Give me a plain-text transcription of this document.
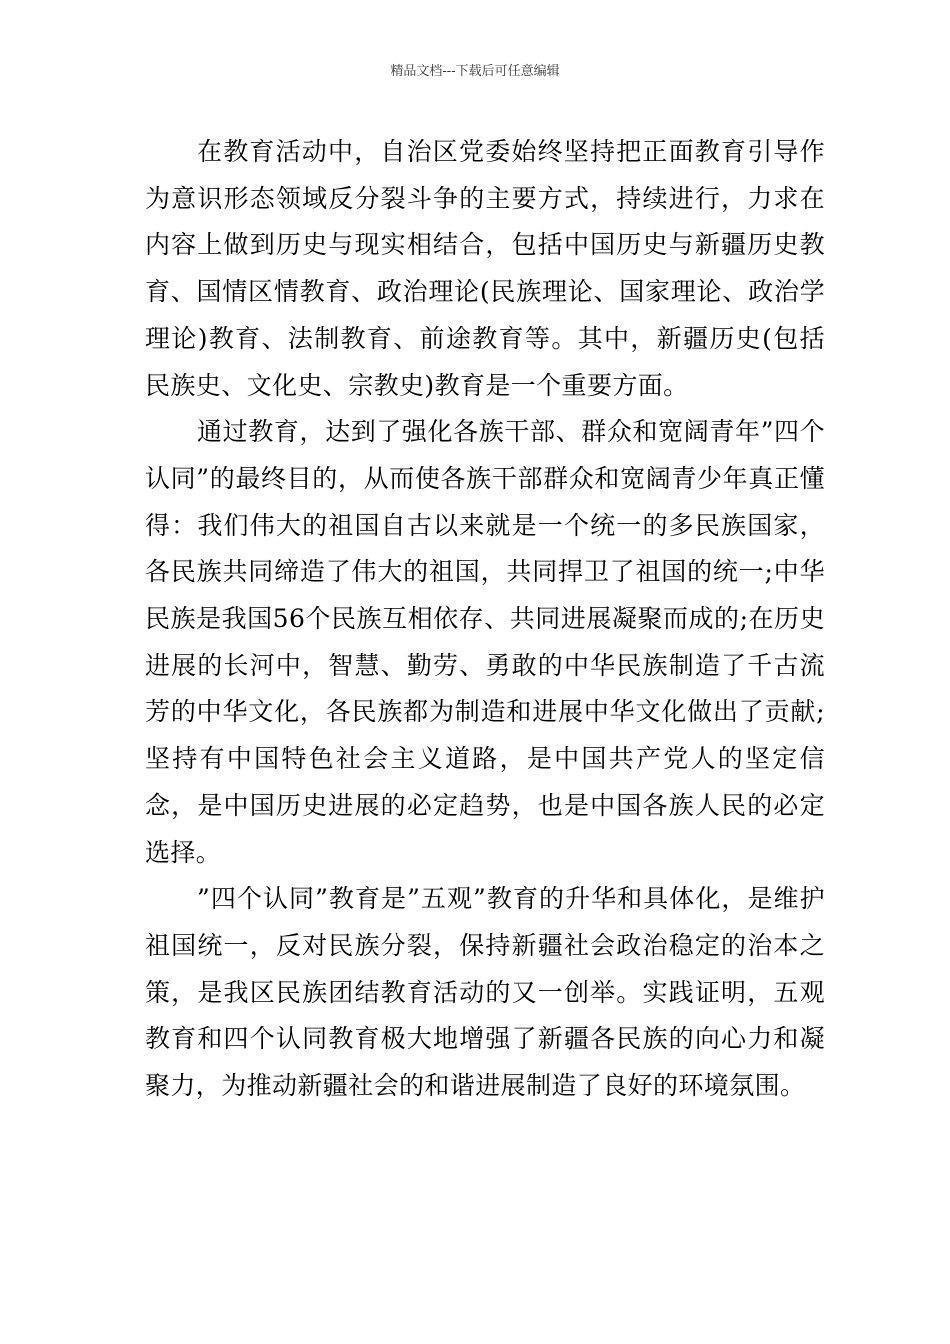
精品文档---下载后可任意编辑

在教育活动中，自治区党委始终坚持把正面教育引导作为意识形态领域反分裂斗争的主要方式，持续进行，力求在内容上做到历史与现实相结合，包括中国历史与新疆历史教育、国情区情教育、政治理论(民族理论、国家理论、政治学理论)教育、法制教育、前途教育等。其中，新疆历史(包括民族史、文化史、宗教史)教育是一个重要方面。

通过教育，达到了强化各族干部、群众和宽阔青年”四个认同”的最终目的，从而使各族干部群众和宽阔青少年真正懂得：我们伟大的祖国自古以来就是一个统一的多民族国家，各民族共同缔造了伟大的祖国，共同捍卫了祖国的统一;中华民族是我国56个民族互相依存、共同进展凝聚而成的;在历史进展的长河中，智慧、勤劳、勇敢的中华民族制造了千古流芳的中华文化，各民族都为制造和进展中华文化做出了贡献;坚持有中国特色社会主义道路，是中国共产党人的坚定信念，是中国历史进展的必定趋势，也是中国各族人民的必定选择。

”四个认同”教育是”五观”教育的升华和具体化，是维护祖国统一，反对民族分裂，保持新疆社会政治稳定的治本之策，是我区民族团结教育活动的又一创举。实践证明，五观教育和四个认同教育极大地增强了新疆各民族的向心力和凝聚力，为推动新疆社会的和谐进展制造了良好的环境氛围。
